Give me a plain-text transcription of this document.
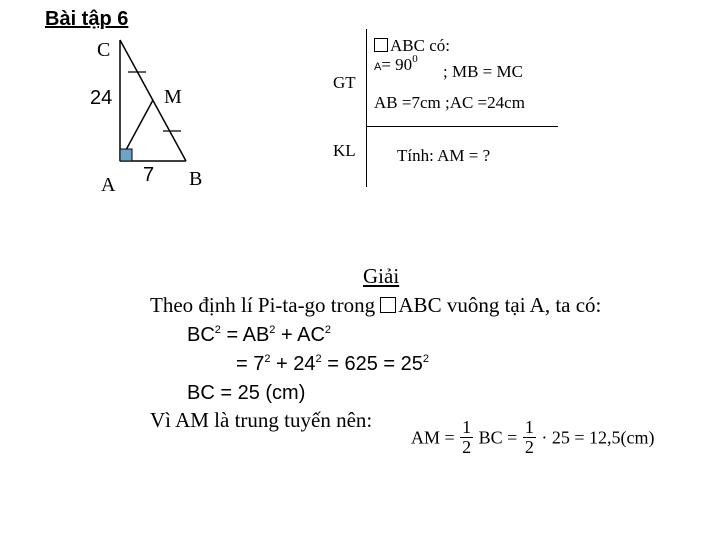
Bài tập 6
C
24	M
A 7 B
GT
KL
ABC có:
$A= 90^0$
; MB = MC
AB =7cm ;AC =24cm
Tính: AM = ?
Giải
Theo định lí Pi-ta-go trong ABC vuông tại A, ta có:
$BC^2 = AB^2 + AC^2$
= $7^2 + 24^2 = 625 = 25^2$
BC = 25 (cm)
Vì AM là trung tuyến nên:
AM = $\frac{1}{2}$ BC = $\frac{1}{2} \cdot 25 = 12,5(cm)$
